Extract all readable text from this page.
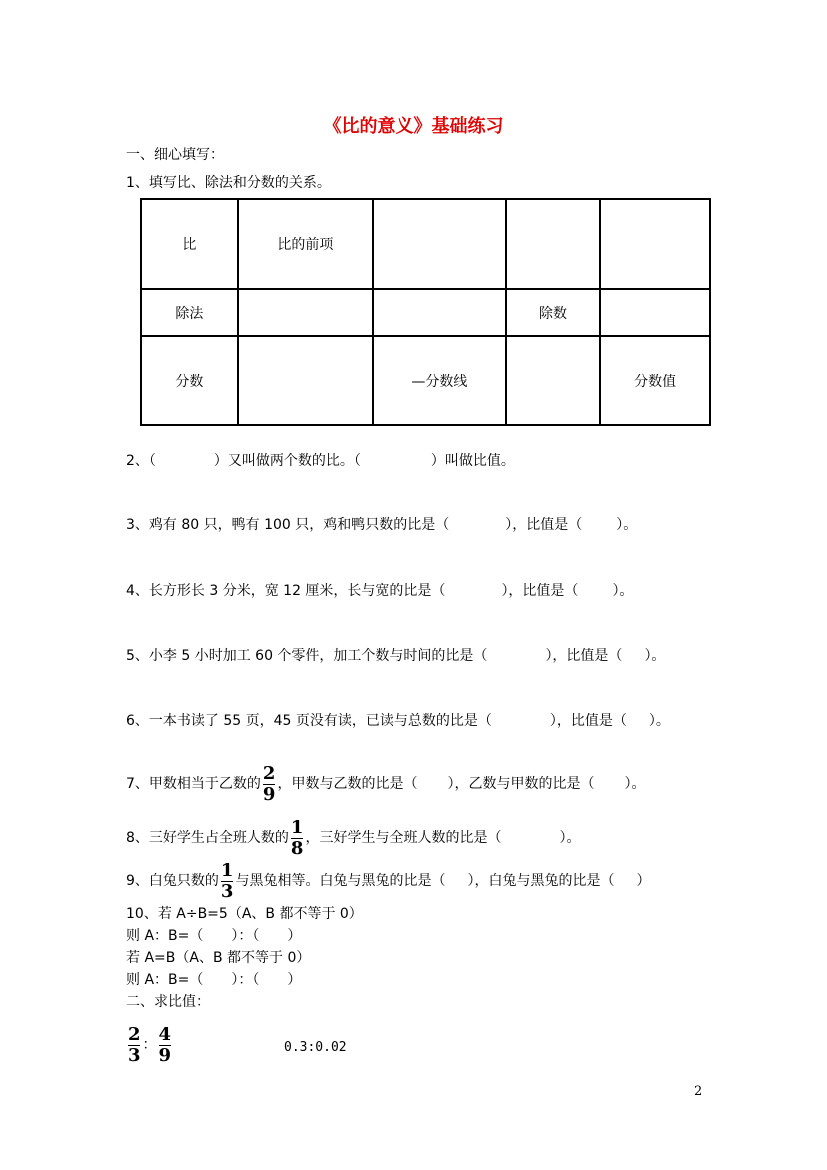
《比的意义》基础练习
一、细心填写：
1、填写比、除法和分数的关系。
比	比的前项			
除法			除数	
分数		—分数线		分数值
2、（	）又叫做两个数的比。（	）叫做比值。
3、鸡有 80 只，鸭有 100 只，鸡和鸭只数的比是（	），比值是（ ）。
4、长方形长 3 分米，宽 12 厘米，长与宽的比是（	），比值是（ ）。
5、小李 5 小时加工 60 个零件，加工个数与时间的比是（	），比值是（ ）。
6、一本书读了 55 页，45 页没有读，已读与总数的比是（	），比值是（ ）。
7、甲数相当于乙数的 $\frac{2}{9}$ ，甲数与乙数的比是（ ），乙数与甲数的比是（ ）。
8、三好学生占全班人数的 $\frac{1}{8}$ ，三好学生与全班人数的比是（	）。
9、白兔只数的 $\frac{1}{3}$ 与黑兔相等。白兔与黑兔的比是（ ），白兔与黑兔的比是（ ）
10、若 A÷B=5（A、B 都不等于 0）
则 A：B=（　　）：（　　）
若 A=B（A、B 都不等于 0）
则 A：B=（　　）：（　　）
二、求比值：
$\frac{2}{3}$ ： $\frac{4}{9}$	0.3:0.02
2
